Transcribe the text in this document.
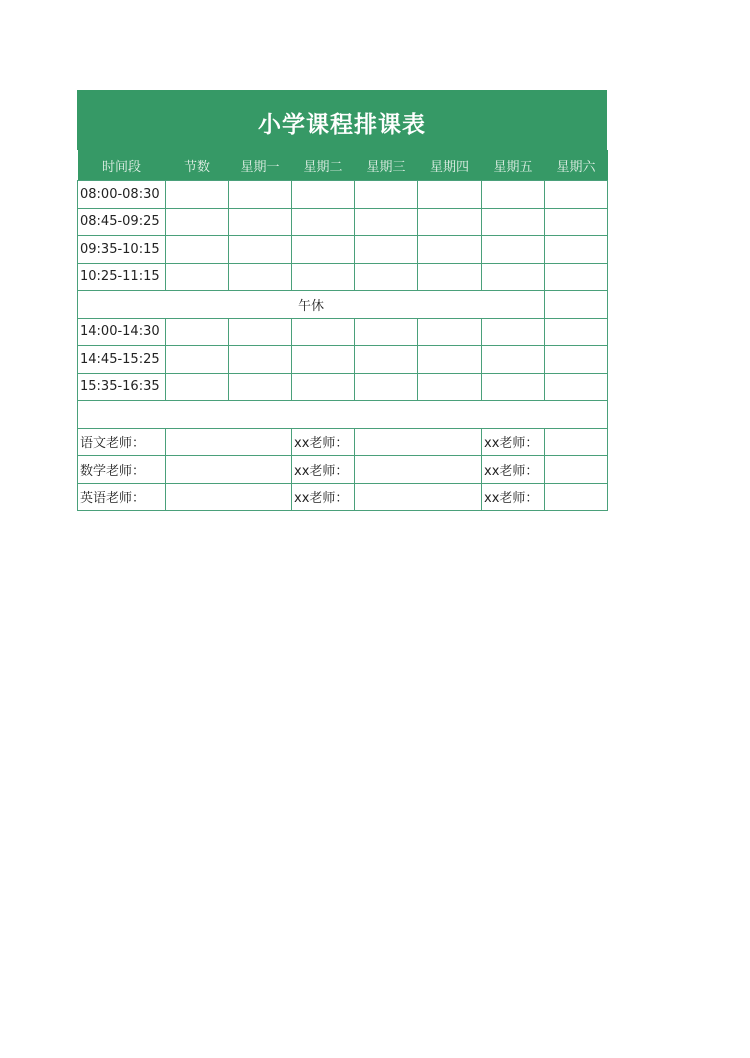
小学课程排课表
时间段	节数	星期一	星期二	星期三	星期四	星期五	星期六
08:00-08:30							
08:45-09:25							
09:35-10:15							
10:25-11:15							
午休							
14:00-14:30							
14:45-15:25							
15:35-16:35							

语文老师：			xx老师：			xx老师：	
数学老师：			xx老师：			xx老师：	
英语老师：			xx老师：			xx老师：	
